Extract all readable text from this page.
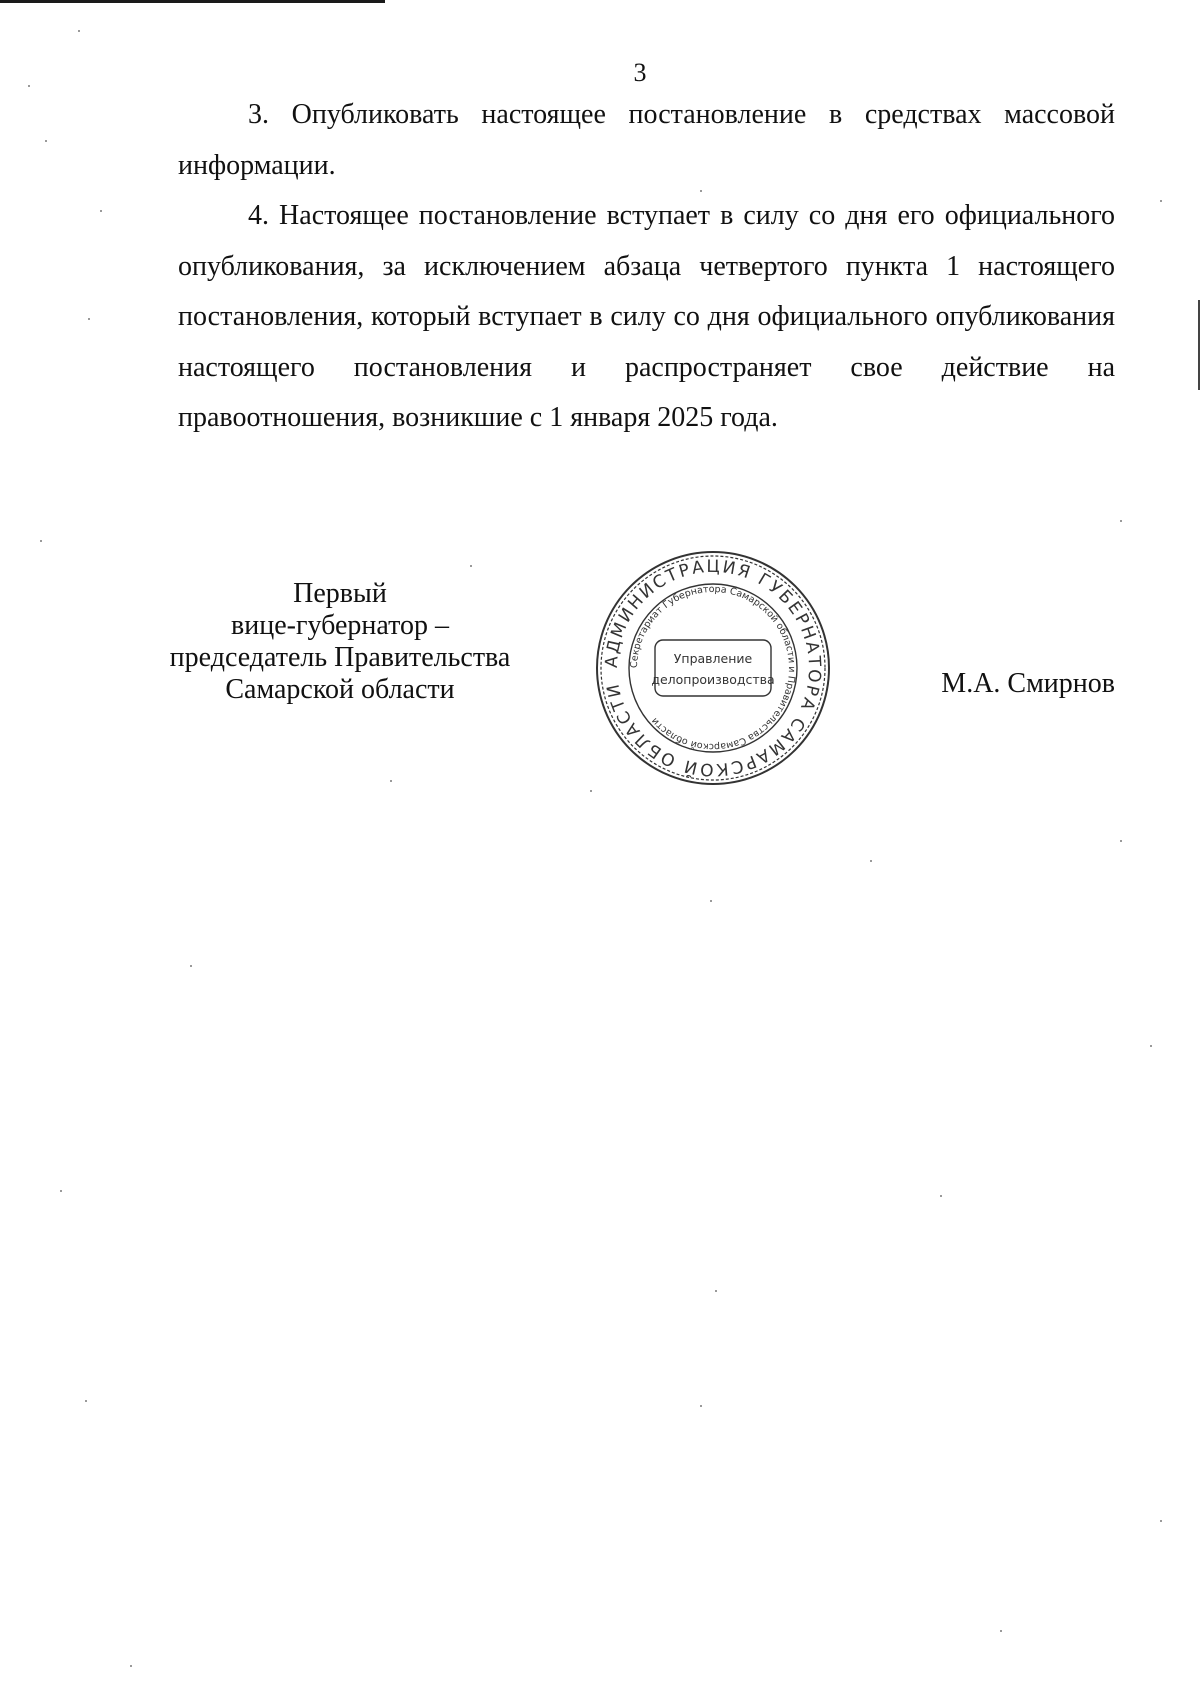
3

3. Опубликовать настоящее постановление в средствах массовой информации.

4. Настоящее постановление вступает в силу со дня его официального опубликования, за исключением абзаца четвертого пункта 1 настоящего постановления, который вступает в силу со дня официального опубликования настоящего постановления и распространяет свое действие на правоотношения, возникшие с 1 января 2025 года.

Первый
вице-губернатор –
председатель Правительства
Самарской области
АДМИНИСТРАЦИЯ ГУБЕРНАТОРА САМАРСКОЙ ОБЛАСТИ
Секретариат Губернатора Самарской области и Правительства Самарской области
Управление
делопроизводства	М.А. Смирнов
